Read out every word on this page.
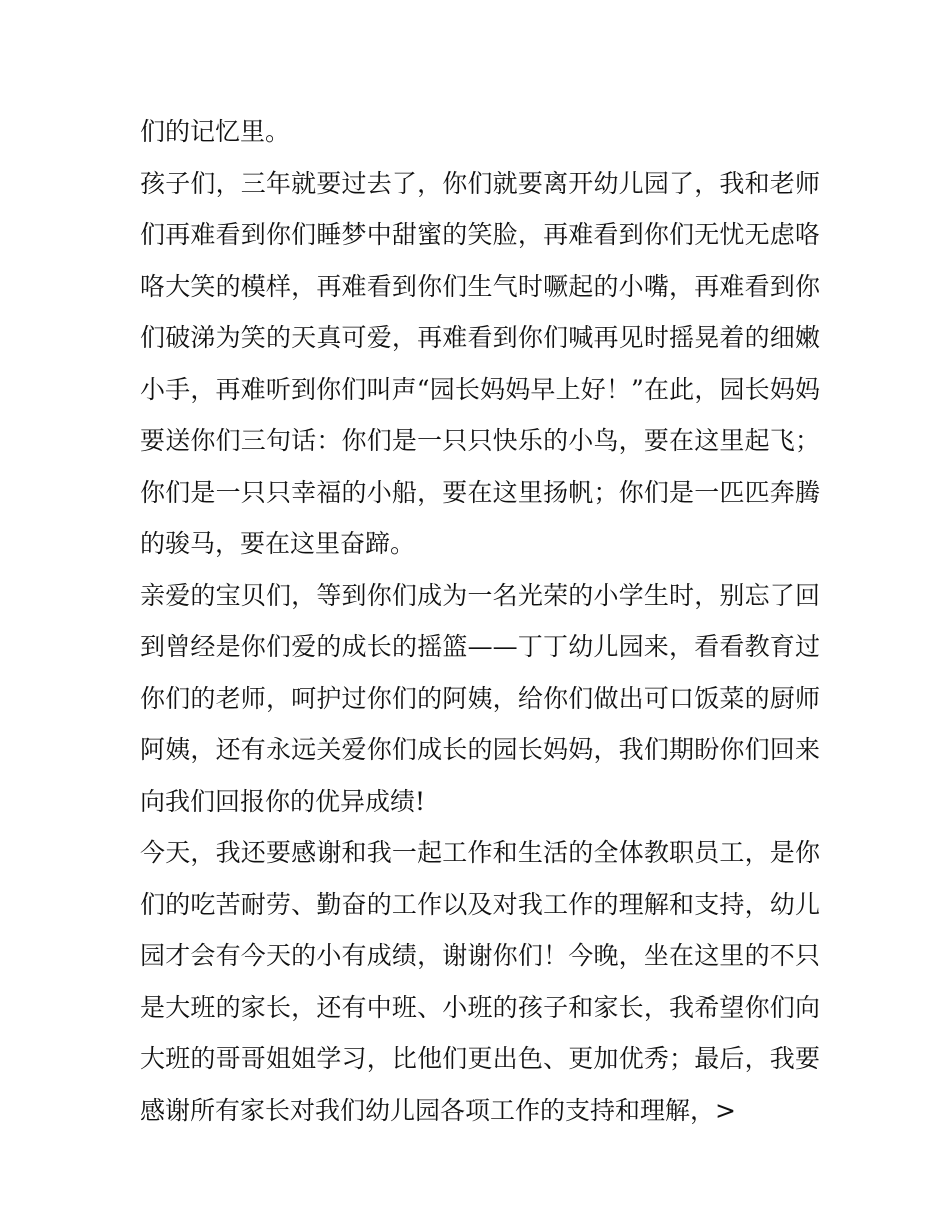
们的记忆里。

孩子们，三年就要过去了，你们就要离开幼儿园了，我和老师们再难看到你们睡梦中甜蜜的笑脸，再难看到你们无忧无虑咯咯大笑的模样，再难看到你们生气时噘起的小嘴，再难看到你们破涕为笑的天真可爱，再难看到你们喊再见时摇晃着的细嫩小手，再难听到你们叫声“园长妈妈早上好！”在此，园长妈妈要送你们三句话：你们是一只只快乐的小鸟，要在这里起飞；你们是一只只幸福的小船，要在这里扬帆；你们是一匹匹奔腾的骏马，要在这里奋蹄。

亲爱的宝贝们，等到你们成为一名光荣的小学生时，别忘了回到曾经是你们爱的成长的摇篮——丁丁幼儿园来，看看教育过你们的老师，呵护过你们的阿姨，给你们做出可口饭菜的厨师阿姨，还有永远关爱你们成长的园长妈妈，我们期盼你们回来向我们回报你的优异成绩!

今天，我还要感谢和我一起工作和生活的全体教职员工，是你们的吃苦耐劳、勤奋的工作以及对我工作的理解和支持，幼儿园才会有今天的小有成绩，谢谢你们！今晚，坐在这里的不只是大班的家长，还有中班、小班的孩子和家长，我希望你们向大班的哥哥姐姐学习，比他们更出色、更加优秀；最后，我要感谢所有家长对我们幼儿园各项工作的支持和理解，>
